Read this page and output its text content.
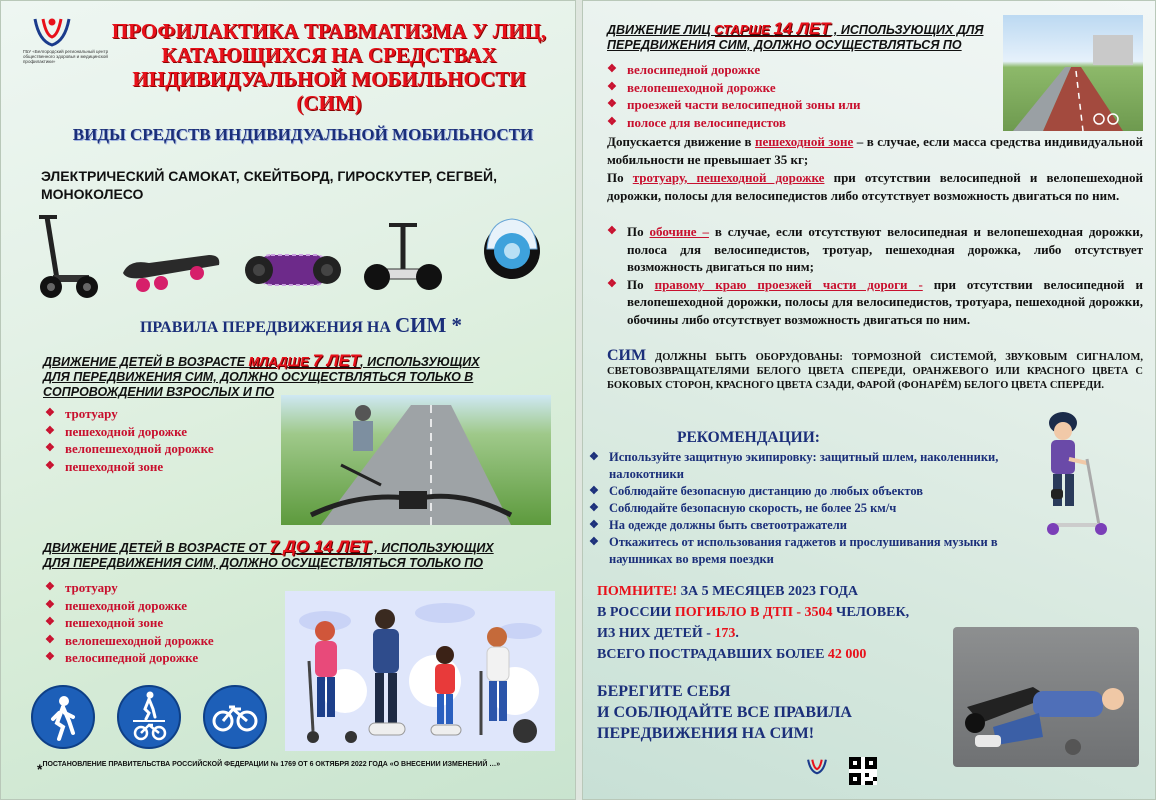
ГБУ «Белгородский региональный центр общественного здоровья и медицинской профилактики»
ПРОФИЛАКТИКА ТРАВМАТИЗМА У ЛИЦ, КАТАЮЩИХСЯ НА СРЕДСТВАХ ИНДИВИДУАЛЬНОЙ МОБИЛЬНОСТИ (СИМ)
ВИДЫ СРЕДСТВ ИНДИВИДУАЛЬНОЙ МОБИЛЬНОСТИ
ЭЛЕКТРИЧЕСКИЙ САМОКАТ, СКЕЙТБОРД, ГИРОСКУТЕР, СЕГВЕЙ, МОНОКОЛЕСО
ПРАВИЛА ПЕРЕДВИЖЕНИЯ НА СИМ *
ДВИЖЕНИЕ ДЕТЕЙ В ВОЗРАСТЕ МЛАДШЕ 7 ЛЕТ, ИСПОЛЬЗУЮЩИХ ДЛЯ ПЕРЕДВИЖЕНИЯ СИМ, ДОЛЖНО ОСУЩЕСТВЛЯТЬСЯ ТОЛЬКО В СОПРОВОЖДЕНИИ ВЗРОСЛЫХ И ПО
❖ тротуару
❖ пешеходной дорожке
❖ велопешеходной дорожке
❖ пешеходной зоне
ДВИЖЕНИЕ ДЕТЕЙ В ВОЗРАСТЕ ОТ 7 ДО 14 ЛЕТ , ИСПОЛЬЗУЮЩИХ ДЛЯ ПЕРЕДВИЖЕНИЯ СИМ, ДОЛЖНО ОСУЩЕСТВЛЯТЬСЯ ТОЛЬКО ПО
❖ тротуару
❖ пешеходной дорожке
❖ пешеходной зоне
❖ велопешеходной дорожке
❖ велосипедной дорожке
*ПОСТАНОВЛЕНИЕ ПРАВИТЕЛЬСТВА РОССИЙСКОЙ ФЕДЕРАЦИИ № 1769 ОТ 6 ОКТЯБРЯ 2022 ГОДА «О ВНЕСЕНИИ ИЗМЕНЕНИЙ …»
ДВИЖЕНИЕ ЛИЦ СТАРШЕ 14 ЛЕТ , ИСПОЛЬЗУЮЩИХ ДЛЯ ПЕРЕДВИЖЕНИЯ СИМ, ДОЛЖНО ОСУЩЕСТВЛЯТЬСЯ ПО
❖ велосипедной дорожке
❖ велопешеходной дорожке
❖ проезжей части велосипедной зоны или
❖ полосе для велосипедистов
Допускается движение в пешеходной зоне – в случае, если масса средства индивидуальной мобильности не превышает 35 кг;
По тротуару, пешеходной дорожке при отсутствии велосипедной и велопешеходной дорожки, полосы для велосипедистов либо отсутствует возможность двигаться по ним.
❖ По обочине – в случае, если отсутствуют велосипедная и велопешеходная дорожки, полоса для велосипедистов, тротуар, пешеходная дорожка, либо отсутствует возможность двигаться по ним;
❖ По правому краю проезжей части дороги - при отсутствии велосипедной и велопешеходной дорожки, полосы для велосипедистов, тротуара, пешеходной дорожки, обочины либо отсутствует возможность двигаться по ним.
СИМ ДОЛЖНЫ БЫТЬ ОБОРУДОВАНЫ: ТОРМОЗНОЙ СИСТЕМОЙ, ЗВУКОВЫМ СИГНАЛОМ, СВЕТОВОЗВРАЩАТЕЛЯМИ БЕЛОГО ЦВЕТА СПЕРЕДИ, ОРАНЖЕВОГО ИЛИ КРАСНОГО ЦВЕТА С БОКОВЫХ СТОРОН, КРАСНОГО ЦВЕТА СЗАДИ, ФАРОЙ (ФОНАРЁМ) БЕЛОГО ЦВЕТА СПЕРЕДИ.
РЕКОМЕНДАЦИИ:
❖ Используйте защитную экипировку: защитный шлем, наколенники, налокотники
❖ Соблюдайте безопасную дистанцию до любых объектов
❖ Соблюдайте безопасную скорость, не более 25 км/ч
❖ На одежде должны быть светоотражатели
❖ Откажитесь от использования гаджетов и прослушивания музыки в наушниках во время поездки
ПОМНИТЕ! ЗА 5 МЕСЯЦЕВ 2023 ГОДА
В РОССИИ ПОГИБЛО В ДТП - 3504 ЧЕЛОВЕК,
ИЗ НИХ ДЕТЕЙ - 173.
ВСЕГО ПОСТРАДАВШИХ БОЛЕЕ 42 000
БЕРЕГИТЕ СЕБЯ
И СОБЛЮДАЙТЕ ВСЕ ПРАВИЛА
ПЕРЕДВИЖЕНИЯ НА СИМ!
